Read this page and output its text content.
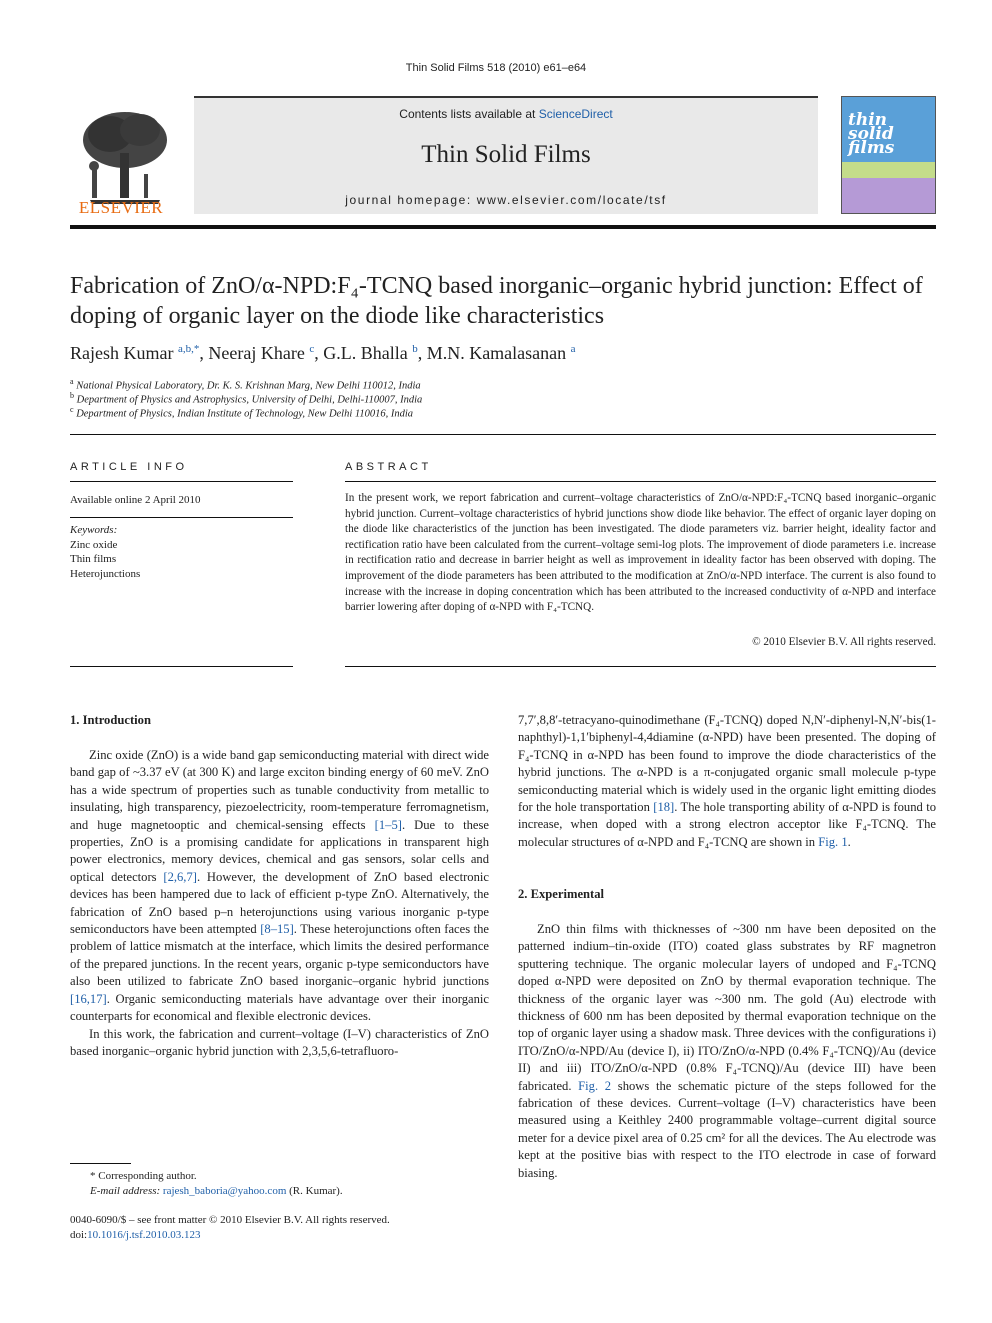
Thin Solid Films 518 (2010) e61–e64
ELSEVIER
Contents lists available at ScienceDirect
Thin Solid Films
journal homepage: www.elsevier.com/locate/tsf
thin solid films
Fabrication of ZnO/α-NPD:F₄-TCNQ based inorganic–organic hybrid junction: Effect of doping of organic layer on the diode like characteristics
Rajesh Kumar $^{a,b,*}$, Neeraj Khare $^c$, G.L. Bhalla $^b$, M.N. Kamalasanan $^a$
$^a$ National Physical Laboratory, Dr. K. S. Krishnan Marg, New Delhi 110012, India
$^b$ Department of Physics and Astrophysics, University of Delhi, Delhi-110007, India
$^c$ Department of Physics, Indian Institute of Technology, New Delhi 110016, India
ARTICLE INFO
Available online 2 April 2010
Keywords:
Zinc oxide
Thin films
Heterojunctions
ABSTRACT
In the present work, we report fabrication and current–voltage characteristics of ZnO/α-NPD:F₄-TCNQ based inorganic–organic hybrid junction. Current–voltage characteristics of hybrid junctions show diode like behavior. The effect of organic layer doping on the diode like characteristics of the junction has been investigated. The diode parameters viz. barrier height, ideality factor and rectification ratio have been calculated from the current–voltage semi-log plots. The improvement of diode parameters i.e. increase in rectification ratio and decrease in barrier height as well as improvement in ideality factor has been observed with doping. The improvement of the diode parameters has been attributed to the modification at ZnO/α-NPD interface. The current is also found to increase with the increase in doping concentration which has been attributed to the increased conductivity of α-NPD and interface barrier lowering after doping of α-NPD with F₄-TCNQ.
© 2010 Elsevier B.V. All rights reserved.
1. Introduction

Zinc oxide (ZnO) is a wide band gap semiconducting material with direct wide band gap of ~3.37 eV (at 300 K) and large exciton binding energy of 60 meV. ZnO has a wide spectrum of properties such as tunable conductivity from metallic to insulating, high transparency, piezoelectricity, room-temperature ferromagnetism, and huge magnetooptic and chemical-sensing effects [1–5]. Due to these properties, ZnO is a promising candidate for applications in transparent high power electronics, memory devices, chemical and gas sensors, solar cells and optical detectors [2,6,7]. However, the development of ZnO based electronic devices has been hampered due to lack of efficient p-type ZnO. Alternatively, the fabrication of ZnO based p–n heterojunctions using various inorganic p-type semiconductors have been attempted [8–15]. These heterojunctions often faces the problem of lattice mismatch at the interface, which limits the desired performance of the prepared junctions. In the recent years, organic p-type semiconductors have also been utilized to fabricate ZnO based inorganic–organic hybrid junctions [16,17]. Organic semiconducting materials have advantage over their inorganic counterparts for economical and flexible electronic devices.

In this work, the fabrication and current–voltage (I–V) characteristics of ZnO based inorganic–organic hybrid junction with 2,3,5,6-tetrafluoro-

* Corresponding author.
E-mail address: rajesh_baboria@yahoo.com (R. Kumar).
0040-6090/$ – see front matter © 2010 Elsevier B.V. All rights reserved.
doi:10.1016/j.tsf.2010.03.123

7,7′,8,8′-tetracyano-quinodimethane (F₄-TCNQ) doped N,N′-diphenyl-N,N′-bis(1-naphthyl)-1,1′biphenyl-4,4diamine (α-NPD) have been presented. The doping of F₄-TCNQ in α-NPD has been found to improve the diode characteristics of the hybrid junctions. The α-NPD is a π-conjugated organic small molecule p-type semiconducting material which is widely used in the organic light emitting diodes for the hole transportation [18]. The hole transporting ability of α-NPD is found to increase, when doped with a strong electron acceptor like F₄-TCNQ. The molecular structures of α-NPD and F₄-TCNQ are shown in Fig. 1.

2. Experimental

ZnO thin films with thicknesses of ~300 nm have been deposited on the patterned indium–tin-oxide (ITO) coated glass substrates by RF magnetron sputtering technique. The organic molecular layers of undoped and F₄-TCNQ doped α-NPD were deposited on ZnO by thermal evaporation technique. The thickness of the organic layer was ~300 nm. The gold (Au) electrode with thickness of 600 nm has been deposited by thermal evaporation technique on the top of organic layer using a shadow mask. Three devices with the configurations i) ITO/ZnO/α-NPD/Au (device I), ii) ITO/ZnO/α-NPD (0.4% F₄-TCNQ)/Au (device II) and iii) ITO/ZnO/α-NPD (0.8% F₄-TCNQ)/Au (device III) have been fabricated. Fig. 2 shows the schematic picture of the steps followed for the fabrication of these devices. Current–voltage (I–V) characteristics have been measured using a Keithley 2400 programmable voltage–current digital source meter for a device pixel area of 0.25 cm² for all the devices. The Au electrode was kept at the positive bias with respect to the ITO electrode in case of forward biasing.
